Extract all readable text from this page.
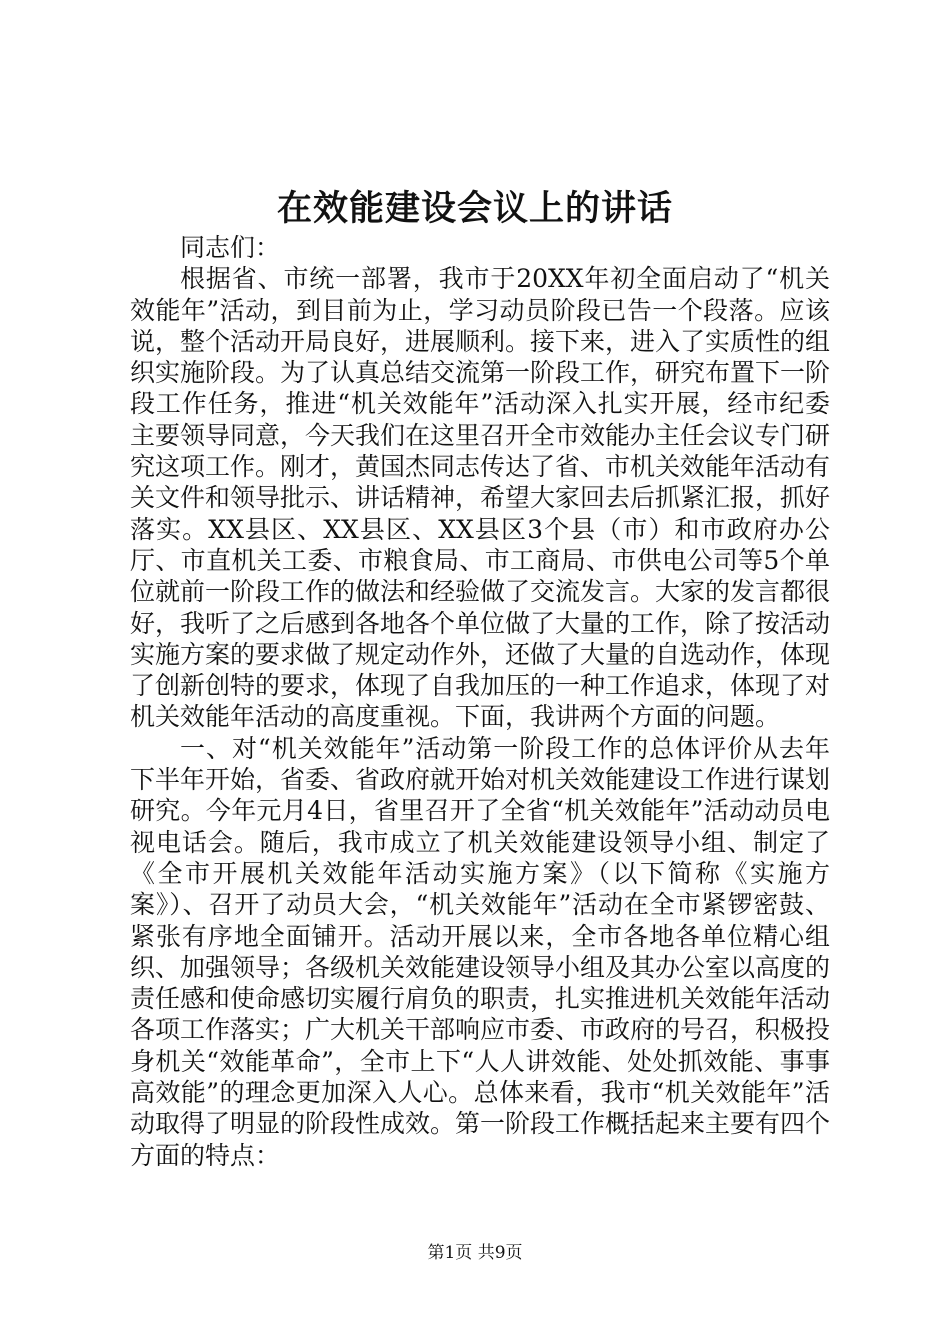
在效能建设会议上的讲话

同志们：

根据省、市统一部署，我市于20XX年初全面启动了“机关效能年”活动，到目前为止，学习动员阶段已告一个段落。应该说，整个活动开局良好，进展顺利。接下来，进入了实质性的组织实施阶段。为了认真总结交流第一阶段工作，研究布置下一阶段工作任务，推进“机关效能年”活动深入扎实开展，经市纪委主要领导同意，今天我们在这里召开全市效能办主任会议专门研究这项工作。刚才，黄国杰同志传达了省、市机关效能年活动有关文件和领导批示、讲话精神，希望大家回去后抓紧汇报，抓好落实。XX县区、XX县区、XX县区3个县（市）和市政府办公厅、市直机关工委、市粮食局、市工商局、市供电公司等5个单位就前一阶段工作的做法和经验做了交流发言。大家的发言都很好，我听了之后感到各地各个单位做了大量的工作，除了按活动实施方案的要求做了规定动作外，还做了大量的自选动作，体现了创新创特的要求，体现了自我加压的一种工作追求，体现了对机关效能年活动的高度重视。下面，我讲两个方面的问题。

一、对“机关效能年”活动第一阶段工作的总体评价从去年下半年开始，省委、省政府就开始对机关效能建设工作进行谋划研究。今年元月4日，省里召开了全省“机关效能年”活动动员电视电话会。随后，我市成立了机关效能建设领导小组、制定了《全市开展机关效能年活动实施方案》（以下简称《实施方案》）、召开了动员大会，“机关效能年”活动在全市紧锣密鼓、紧张有序地全面铺开。活动开展以来，全市各地各单位精心组织、加强领导；各级机关效能建设领导小组及其办公室以高度的责任感和使命感切实履行肩负的职责，扎实推进机关效能年活动各项工作落实；广大机关干部响应市委、市政府的号召，积极投身机关“效能革命”，全市上下“人人讲效能、处处抓效能、事事高效能”的理念更加深入人心。总体来看，我市“机关效能年”活动取得了明显的阶段性成效。第一阶段工作概括起来主要有四个方面的特点：

第1页 共9页
